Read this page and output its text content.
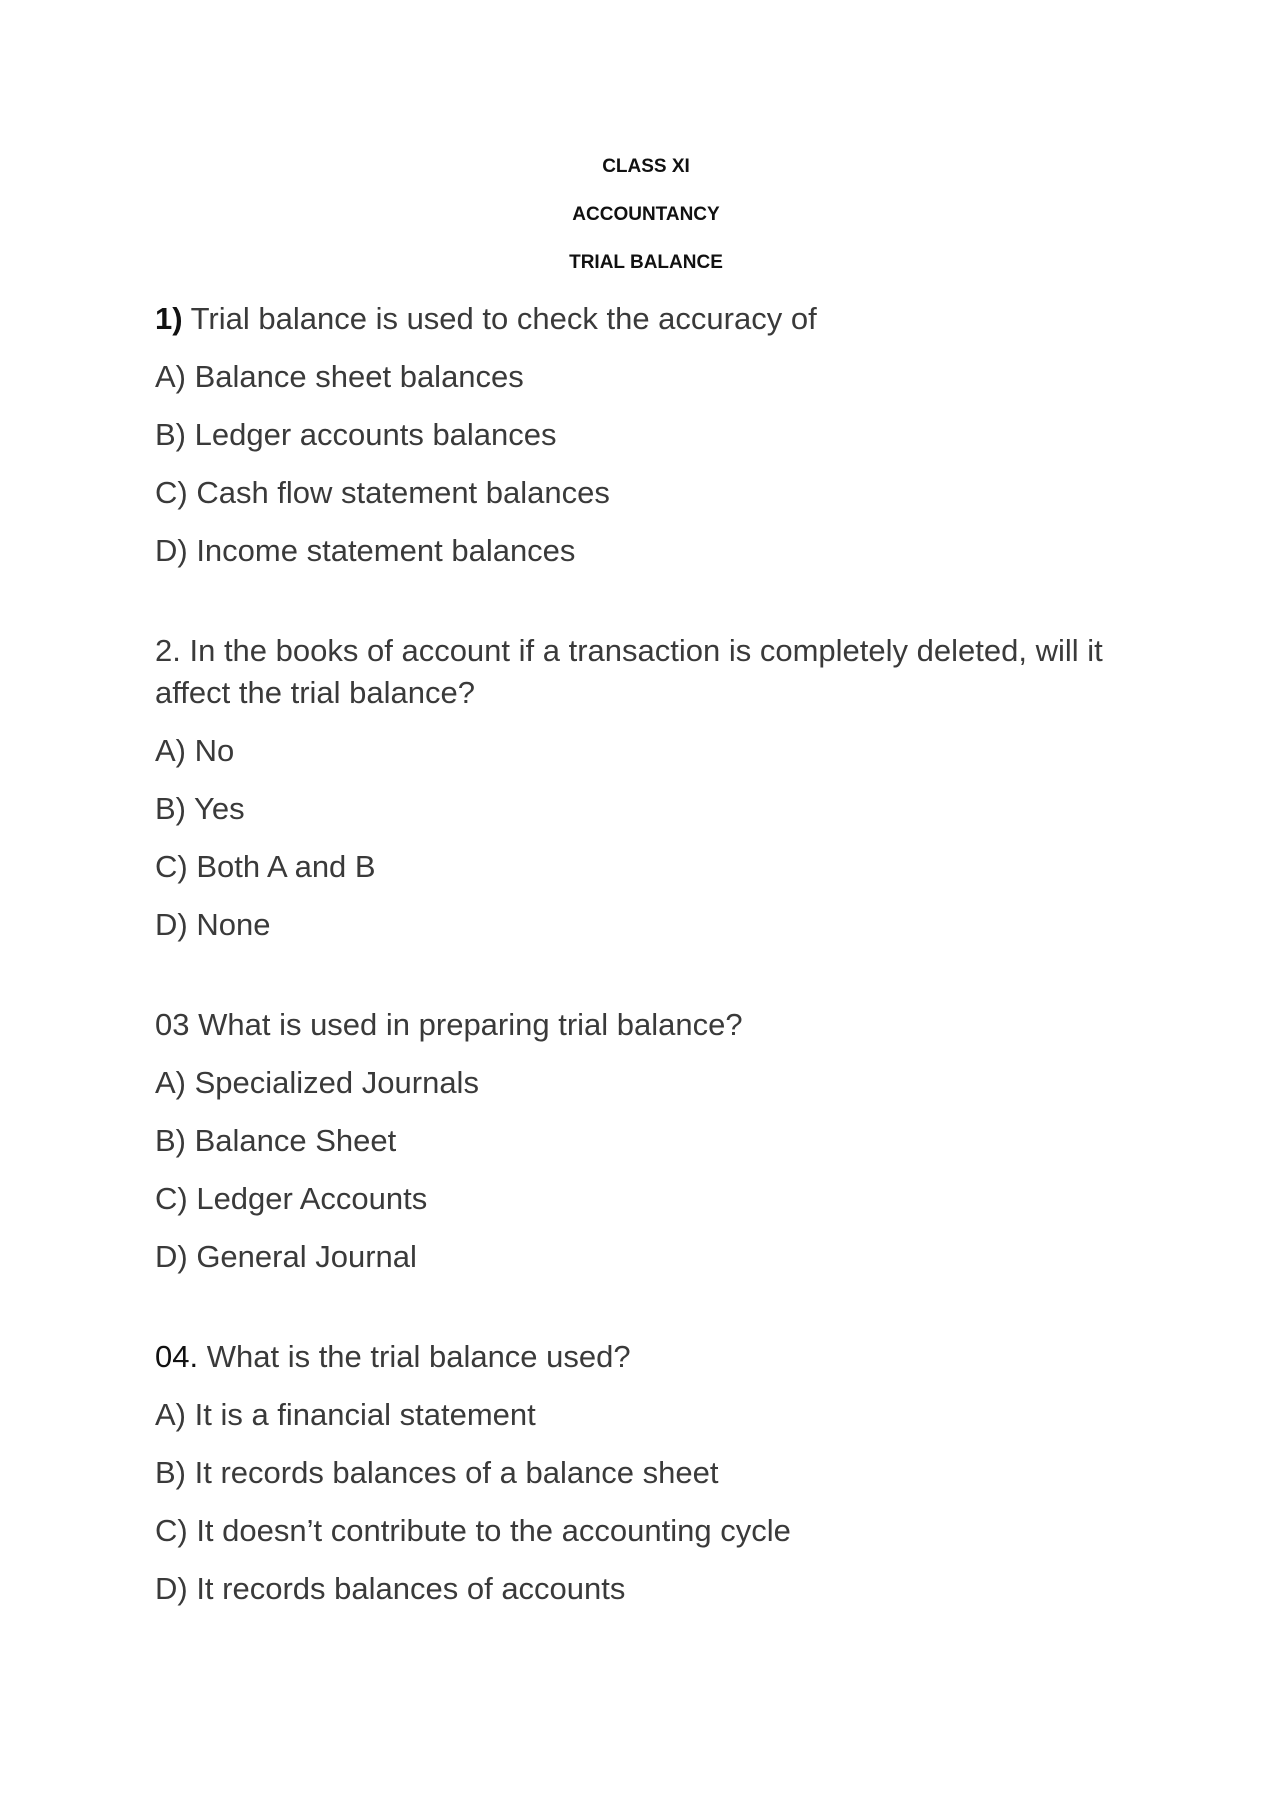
CLASS XI
ACCOUNTANCY
TRIAL BALANCE
1) Trial balance is used to check the accuracy of
A) Balance sheet balances
B) Ledger accounts balances
C) Cash flow statement balances
D) Income statement balances
2. In the books of account if a transaction is completely deleted, will it affect the trial balance?
A) No
B) Yes
C) Both A and B
D) None
03 What is used in preparing trial balance?
A) Specialized Journals
B) Balance Sheet
C) Ledger Accounts
D) General Journal
04. What is the trial balance used?
A) It is a financial statement
B) It records balances of a balance sheet
C) It doesn’t contribute to the accounting cycle
D) It records balances of accounts
